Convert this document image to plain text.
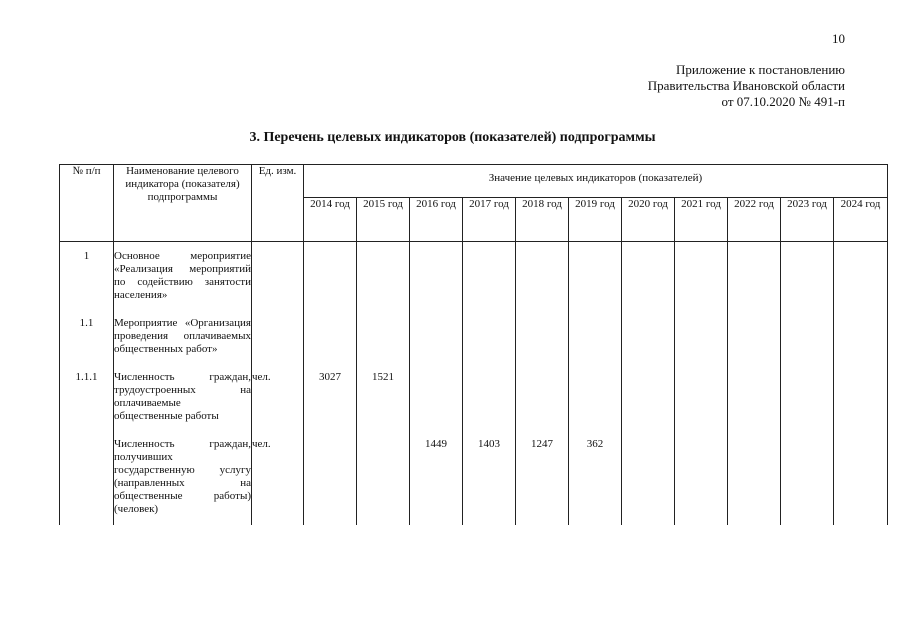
10
Приложение к постановлению
Правительства Ивановской области
от 07.10.2020 № 491-п
3. Перечень целевых индикаторов (показателей) подпрограммы
№ п/п	Наименование целевого индикатора (показателя) подпрограммы	Ед. изм.	Значение целевых индикаторов (показателей)										
			2014 год	2015 год	2016 год	2017 год	2018 год	2019 год	2020 год	2021 год	2022 год	2023 год	2024 год
1	Основное мероприятие «Реализация мероприятий по содействию занятости населения»												
1.1	Мероприятие «Организация проведения оплачиваемых общественных работ»												
1.1.1	Численность граждан, трудоустроенных на оплачиваемые общественные работы	чел.	3027	1521									
	Численность граждан, получивших государственную услугу (направленных на общественные работы) (человек)	чел.			1449	1403	1247	362					
